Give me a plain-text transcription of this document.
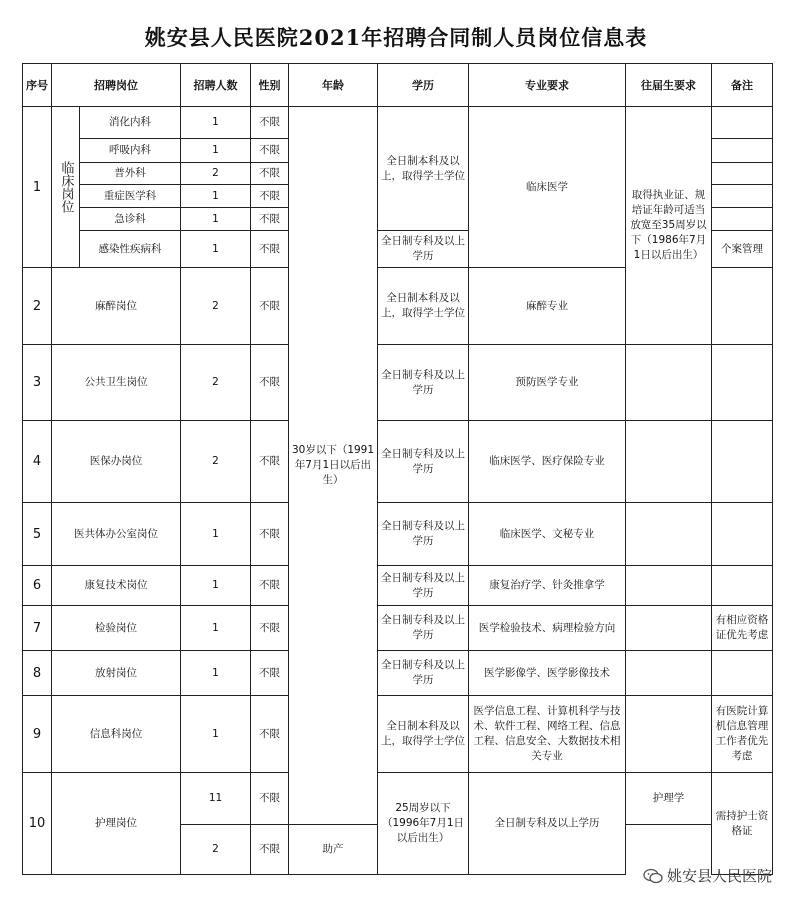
姚安县人民医院2021年招聘合同制人员岗位信息表
序号	招聘岗位		招聘人数	性别	年龄	学历	专业要求	往届生要求	备注	
1	临床岗位	消化内科	1	不限	30岁以下（1991年7月1日以后出生）	全日制本科及以上，取得学士学位	临床医学	取得执业证、规培证年龄可适当放宽至35周岁以下（1986年7月1日以后出生）		
		呼吸内科	1	不限						
		普外科	2	不限						
		重症医学科	1	不限						
		急诊科	1	不限						
		感染性疾病科	1	不限		全日制专科及以上学历			个案管理	
2	麻醉岗位		2	不限		全日制本科及以上，取得学士学位	麻醉专业			
3	公共卫生岗位		2	不限		全日制专科及以上学历	预防医学专业			
4	医保办岗位		2	不限		全日制专科及以上学历	临床医学、医疗保险专业			
5	医共体办公室岗位		1	不限		全日制专科及以上学历	临床医学、文秘专业			
6	康复技术岗位		1	不限		全日制专科及以上学历	康复治疗学、针灸推拿学			
7	检验岗位		1	不限		全日制专科及以上学历	医学检验技术、病理检验方向		有相应资格证优先考虑	
8	放射岗位		1	不限		全日制专科及以上学历	医学影像学、医学影像技术			
9	信息科岗位		1	不限		全日制本科及以上，取得学士学位	医学信息工程、计算机科学与技术、软件工程、网络工程、信息工程、信息安全、大数据技术相关专业		有医院计算机信息管理工作者优先考虑	
10	护理岗位		11	不限		25周岁以下（1996年7月1日以后出生）	全日制专科及以上学历	护理学	需持护士资格证	
			2	不限	助产					
姚安县人民医院
